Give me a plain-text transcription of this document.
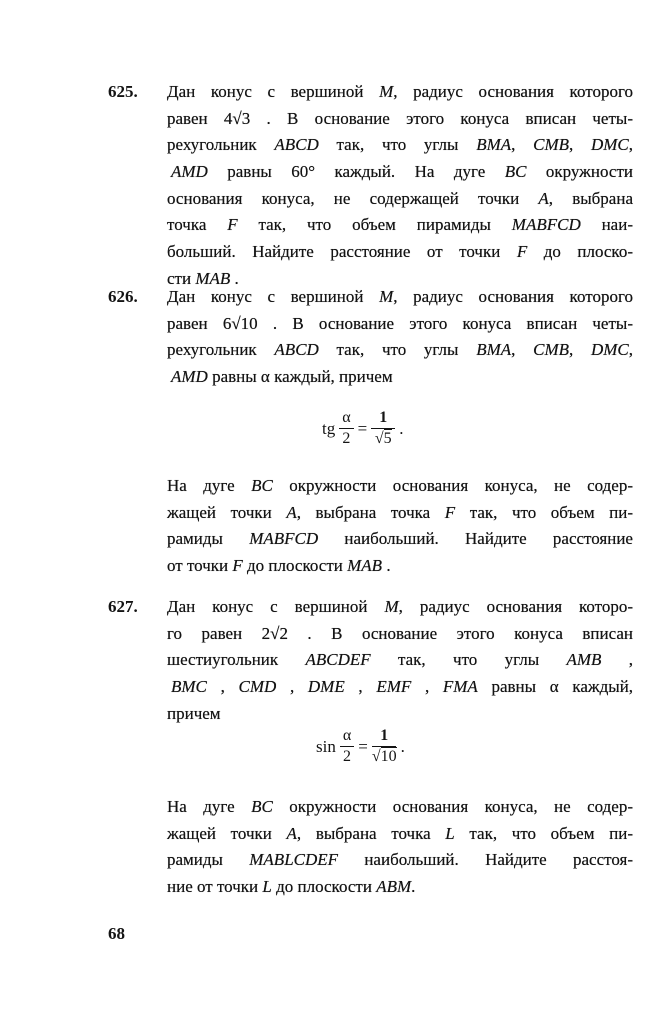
625. Дан конус с вершиной M, радиус основания которого
равен 4√3 . В основание этого конуса вписан четы-
рехугольник ABCD так, что углы BMA, CMB, DMC,
AMD равны 60° каждый. На дуге BC окружности
основания конуса, не содержащей точки A, выбрана
точка F так, что объем пирамиды MABFCD наи-
больший. Найдите расстояние от точки F до плоско-
сти MAB .
626. Дан конус с вершиной M, радиус основания которого
равен 6√10 . В основание этого конуса вписан четы-
рехугольник ABCD так, что углы BMA, CMB, DMC,
AMD равны α каждый, причем
tg $\frac{\alpha}{2} = \frac{1}{√5}$ .
На дуге BC окружности основания конуса, не содер-
жащей точки A, выбрана точка F так, что объем пи-
рамиды MABFCD наибольший. Найдите расстояние
от точки F до плоскости MAB .
627. Дан конус с вершиной M, радиус основания которо-
го равен 2√2 . В основание этого конуса вписан
шестиугольник ABCDEF так, что углы AMB ,
BMC , CMD , DME , EMF , FMA равны α каждый,
причем
$\sin \frac{\alpha}{2} = \frac{1}{√10}$ .
На дуге BC окружности основания конуса, не содер-
жащей точки A, выбрана точка L так, что объем пи-
рамиды MABLCDEF наибольший. Найдите расстоя-
ние от точки L до плоскости ABM.
68
